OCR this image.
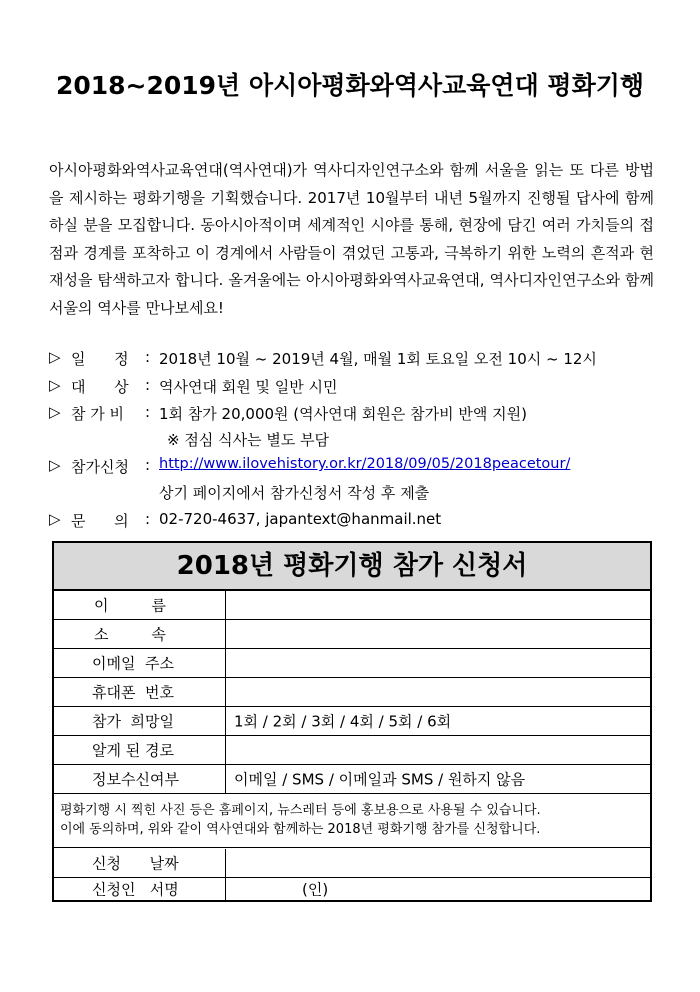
2018~2019년 아시아평화와역사교육연대 평화기행
아시아평화와역사교육연대(역사연대)가 역사디자인연구소와 함께 서울을 읽는 또 다른 방법을 제시하는 평화기행을 기획했습니다. 2017년 10월부터 내년 5월까지 진행될 답사에 함께하실 분을 모집합니다. 동아시아적이며 세계적인 시야를 통해, 현장에 담긴 여러 가치들의 접점과 경계를 포착하고 이 경계에서 사람들이 겪었던 고통과, 극복하기 위한 노력의 흔적과 현재성을 탐색하고자 합니다. 올겨울에는 아시아평화와역사교육연대, 역사디자인연구소와 함께 서울의 역사를 만나보세요!
▷ 일      정 : 2018년 10월 ~ 2019년 4월, 매월 1회 토요일 오전 10시 ~ 12시
▷ 대      상 : 역사연대 회원 및 일반 시민
▷ 참 가 비 : 1회 참가 20,000원 (역사연대 회원은 참가비 반액 지원)
※ 점심 식사는 별도 부담
▷ 참가신청 : http://www.ilovehistory.or.kr/2018/09/05/2018peacetour/
상기 페이지에서 참가신청서 작성 후 제출
▷ 문      의 : 02-720-4637, japantext@hanmail.net
2018년 평화기행 참가 신청서
이         름
소         속
이메일  주소
휴대폰  번호
참가  희망일	1회 / 2회 / 3회 / 4회 / 5회 / 6회
알게 된 경로
정보수신여부	이메일 / SMS / 이메일과 SMS / 원하지 않음
평화기행 시 찍힌 사진 등은 홈페이지, 뉴스레터 등에 홍보용으로 사용될 수 있습니다.
이에 동의하며, 위와 같이 역사연대와 함께하는 2018년 평화기행 참가를 신청합니다.
신청      날짜
신청인   서명	(인)
